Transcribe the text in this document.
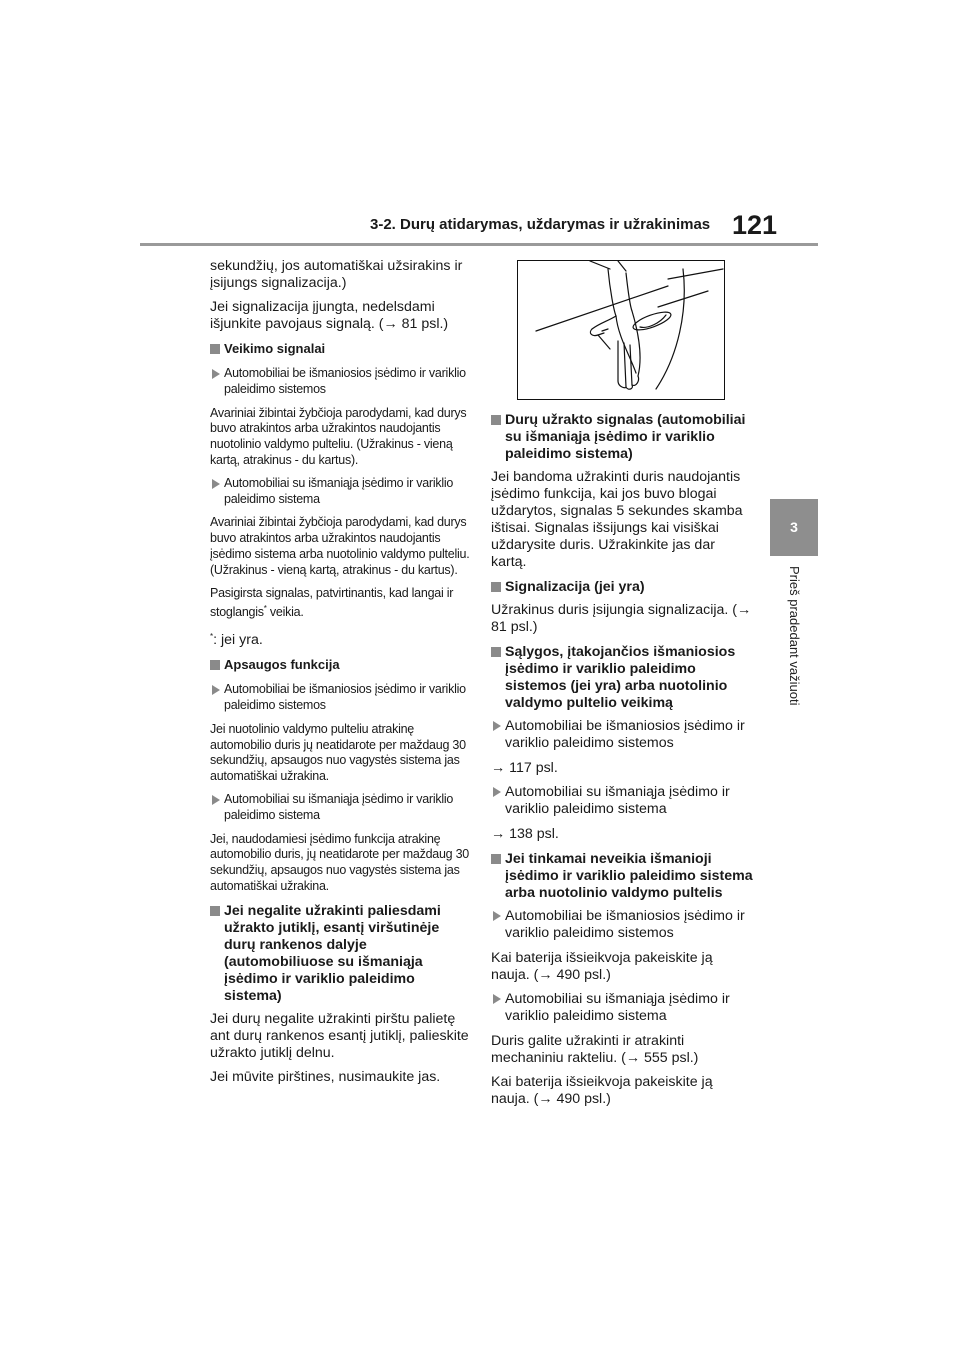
3-2. Durų atidarymas, uždarymas ir užrakinimas 121
3
Prieš pradedant važiuoti

sekundžių, jos automatiškai užsirakins ir įsijungs signalizacija.)

Jei signalizacija įjungta, nedelsdami išjunkite pavojaus signalą. (→ 81 psl.)

Veikimo signalai
Automobiliai be išmaniosios įsėdimo ir variklio paleidimo sistemos

Avariniai žibintai žybčioja parodydami, kad durys buvo atrakintos arba užrakintos naudojantis nuotolinio valdymo pulteliu. (Užrakinus - vieną kartą, atrakinus - du kartus).

Automobiliai su išmaniąja įsėdimo ir variklio paleidimo sistema

Avariniai žibintai žybčioja parodydami, kad durys buvo atrakintos arba užrakintos naudojantis įsėdimo sistema arba nuotolinio valdymo pulteliu. (Užrakinus - vieną kartą, atrakinus - du kartus).

Pasigirsta signalas, patvirtinantis, kad langai ir stoglangis* veikia.

*: jei yra.

Apsaugos funkcija
Automobiliai be išmaniosios įsėdimo ir variklio paleidimo sistemos

Jei nuotolinio valdymo pulteliu atrakinę automobilio duris jų neatidarote per maždaug 30 sekundžių, apsaugos nuo vagystės sistema jas automatiškai užrakina.

Automobiliai su išmaniąja įsėdimo ir variklio paleidimo sistema

Jei, naudodamiesi įsėdimo funkcija atrakinę automobilio duris, jų neatidarote per maždaug 30 sekundžių, apsaugos nuo vagystės sistema jas automatiškai užrakina.

Jei negalite užrakinti paliesdami užrakto jutiklį, esantį viršutinėje durų rankenos dalyje (automobiliuose su išmaniąja įsėdimo ir variklio paleidimo sistema)

Jei durų negalite užrakinti pirštu palietę ant durų rankenos esantį jutiklį, palieskite užrakto jutiklį delnu.

Jei mūvite pirštines, nusimaukite jas.

Durų užrakto signalas (automobiliai su išmaniąja įsėdimo ir variklio paleidimo sistema)

Jei bandoma užrakinti duris naudojantis įsėdimo funkcija, kai jos buvo blogai uždarytos, signalas 5 sekundes skamba ištisai. Signalas išsijungs kai visiškai uždarysite duris. Užrakinkite jas dar kartą.

Signalizacija (jei yra)

Užrakinus duris įsijungia signalizacija. (→ 81 psl.)

Sąlygos, įtakojančios išmaniosios įsėdimo ir variklio paleidimo sistemos (jei yra) arba nuotolinio valdymo pultelio veikimą
Automobiliai be išmaniosios įsėdimo ir variklio paleidimo sistemos

→ 117 psl.

Automobiliai su išmaniąja įsėdimo ir variklio paleidimo sistema

→ 138 psl.

Jei tinkamai neveikia išmanioji įsėdimo ir variklio paleidimo sistema arba nuotolinio valdymo pultelis
Automobiliai be išmaniosios įsėdimo ir variklio paleidimo sistemos

Kai baterija išsieikvoja pakeiskite ją nauja. (→ 490 psl.)

Automobiliai su išmaniąja įsėdimo ir variklio paleidimo sistema

Duris galite užrakinti ir atrakinti mechaniniu rakteliu. (→ 555 psl.)

Kai baterija išsieikvoja pakeiskite ją nauja. (→ 490 psl.)
